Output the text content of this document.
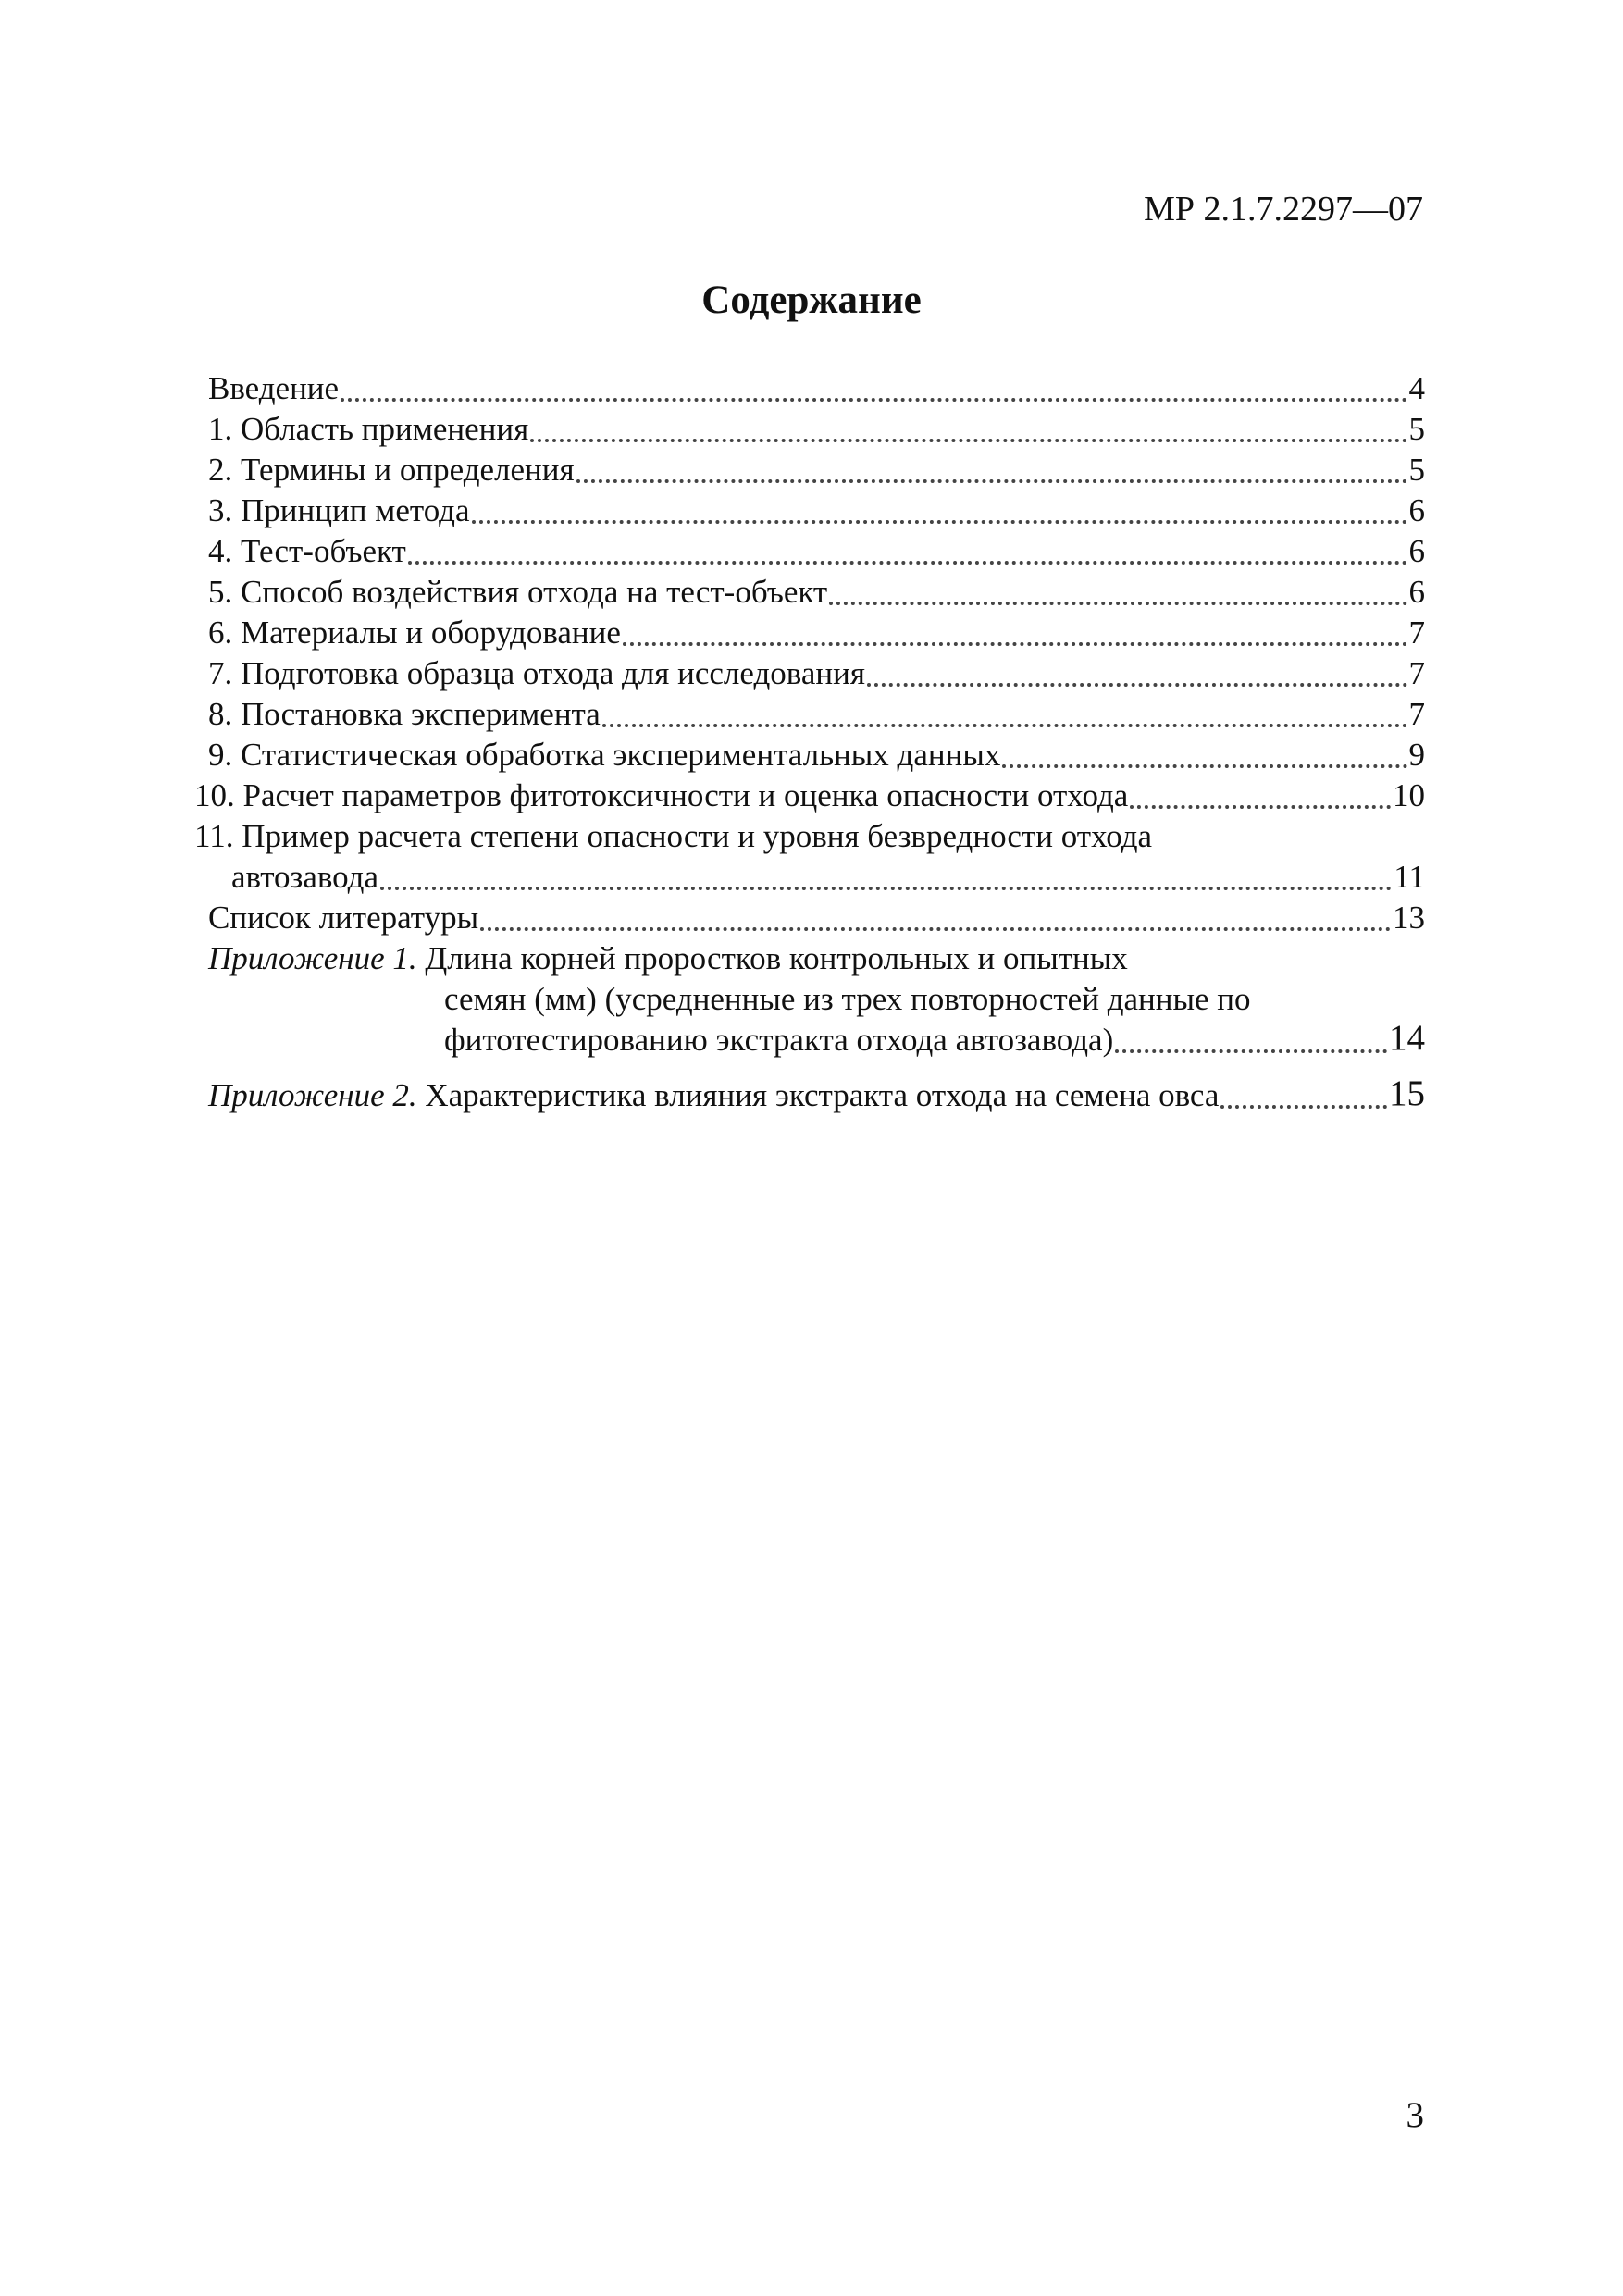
МР 2.1.7.2297—07
Содержание
Введение	4
1. Область применения	5
2. Термины и определения	5
3. Принцип метода	6
4. Тест-объект	6
5. Способ воздействия отхода на тест-объект	6
6. Материалы и оборудование	7
7. Подготовка образца отхода для исследования	7
8. Постановка эксперимента	7
9. Статистическая обработка экспериментальных данных	9
10. Расчет параметров фитотоксичности и оценка опасности отхода	10
11. Пример расчета степени опасности и уровня безвредности отхода
автозавода	11
Список литературы	13
Приложение 1.
Длина корней проростков контрольных и опытных
семян (мм) (усредненные из трех повторностей данные по
фитотестированию экстракта отхода автозавода)	14
Приложение 2.
Характеристика влияния экстракта отхода на семена овса	15
3
